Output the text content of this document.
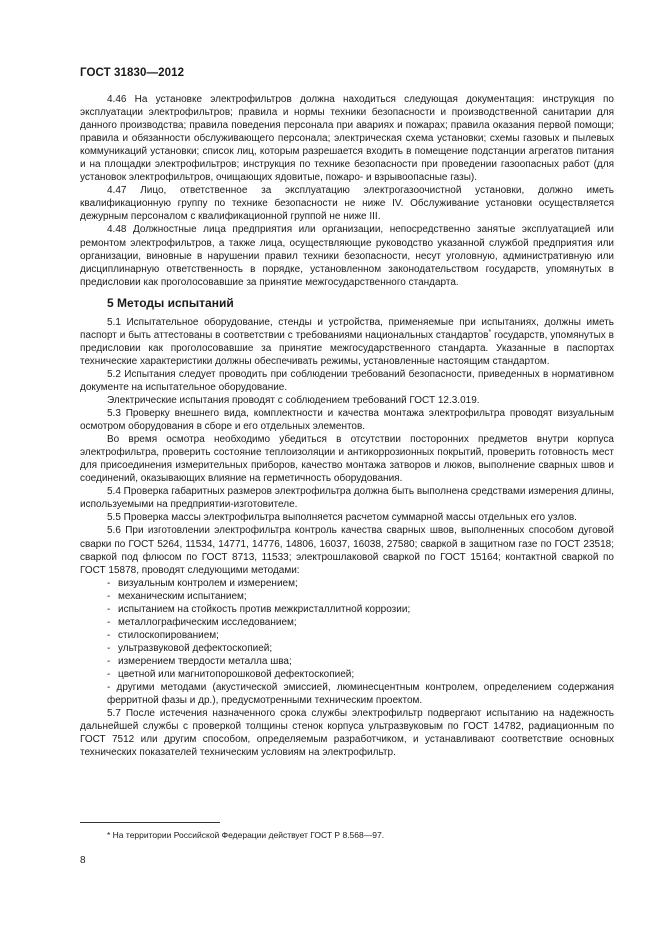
ГОСТ 31830—2012

4.46 На установке электрофильтров должна находиться следующая документация: инструкция по эксплуатации электрофильтров; правила и нормы техники безопасности и производственной санитарии для данного производства; правила поведения персонала при авариях и пожарах; правила оказания первой помощи; правила и обязанности обслуживающего персонала; электрическая схема установки; схемы газовых и пылевых коммуникаций установки; список лиц, которым разрешается входить в помещение подстанции агрегатов питания и на площадки электрофильтров; инструкция по технике безопасности при проведении газоопасных работ (для установок электрофильтров, очищающих ядовитые, пожаро- и взрывоопасные газы).

4.47 Лицо, ответственное за эксплуатацию электрогазоочистной установки, должно иметь квалификационную группу по технике безопасности не ниже IV. Обслуживание установки осуществляется дежурным персоналом с квалификационной группой не ниже III.

4.48 Должностные лица предприятия или организации, непосредственно занятые эксплуатацией или ремонтом электрофильтров, а также лица, осуществляющие руководство указанной службой предприятия или организации, виновные в нарушении правил техники безопасности, несут уголовную, административную или дисциплинарную ответственность в порядке, установленном законодательством государств, упомянутых в предисловии как проголосовавшие за принятие межгосударственного стандарта.

5 Методы испытаний

5.1 Испытательное оборудование, стенды и устройства, применяемые при испытаниях, должны иметь паспорт и быть аттестованы в соответствии с требованиями национальных стандартов* государств, упомянутых в предисловии как проголосовавшие за принятие межгосударственного стандарта. Указанные в паспортах технические характеристики должны обеспечивать режимы, установленные настоящим стандартом.

5.2 Испытания следует проводить при соблюдении требований безопасности, приведенных в нормативном документе на испытательное оборудование.

Электрические испытания проводят с соблюдением требований ГОСТ 12.3.019.

5.3 Проверку внешнего вида, комплектности и качества монтажа электрофильтра проводят визуальным осмотром оборудования в сборе и его отдельных элементов.

Во время осмотра необходимо убедиться в отсутствии посторонних предметов внутри корпуса электрофильтра, проверить состояние теплоизоляции и антикоррозионных покрытий, проверить готовность мест для присоединения измерительных приборов, качество монтажа затворов и люков, выполнение сварных швов и соединений, оказывающих влияние на герметичность оборудования.

5.4 Проверка габаритных размеров электрофильтра должна быть выполнена средствами измерения длины, используемыми на предприятии-изготовителе.

5.5 Проверка массы электрофильтра выполняется расчетом суммарной массы отдельных его узлов.

5.6 При изготовлении электрофильтра контроль качества сварных швов, выполненных способом дуговой сварки по ГОСТ 5264, 11534, 14771, 14776, 14806, 16037, 16038, 27580; сваркой в защитном газе по ГОСТ 23518; сваркой под флюсом по ГОСТ 8713, 11533; электрошлаковой сваркой по ГОСТ 15164; контактной сваркой по ГОСТ 15878, проводят следующими методами:

- визуальным контролем и измерением;

- механическим испытанием;

- испытанием на стойкость против межкристаллитной коррозии;

- металлографическим исследованием;

- стилоскопированием;

- ультразвуковой дефектоскопией;

- измерением твердости металла шва;

- цветной или магнитопорошковой дефектоскопией;

- другими методами (акустической эмиссией, люминесцентным контролем, определением содержания ферритной фазы и др.), предусмотренными техническим проектом.

5.7 После истечения назначенного срока службы электрофильтр подвергают испытанию на надежность дальнейшей службы с проверкой толщины стенок корпуса ультразвуковым по ГОСТ 14782, радиационным по ГОСТ 7512 или другим способом, определяемым разработчиком, и устанавливают соответствие основных технических показателей техническим условиям на электрофильтр.

* На территории Российской Федерации действует ГОСТ Р 8.568—97.
8
